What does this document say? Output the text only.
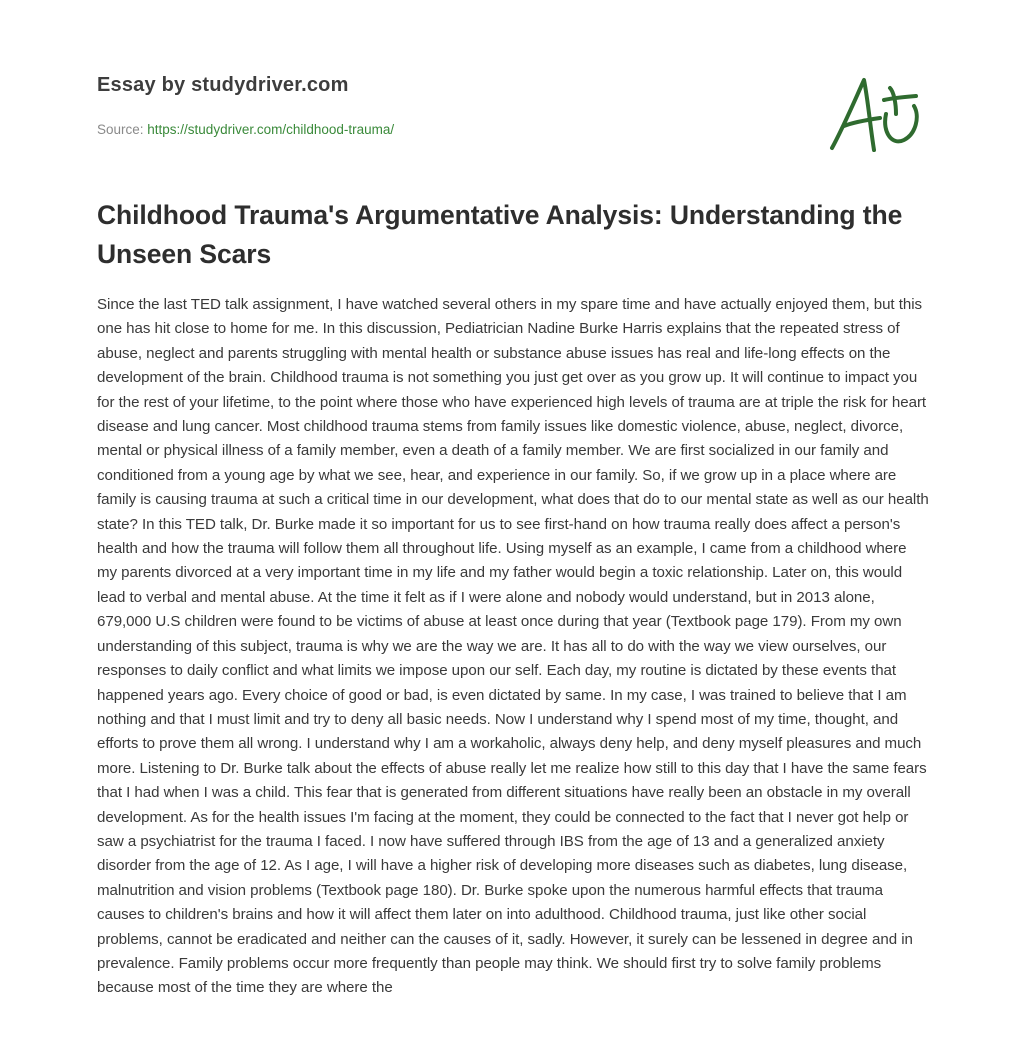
Essay by studydriver.com
Source: https://studydriver.com/childhood-trauma/
Childhood Trauma's Argumentative Analysis: Understanding the Unseen Scars

Since the last TED talk assignment, I have watched several others in my spare time and have actually enjoyed them, but this one has hit close to home for me. In this discussion, Pediatrician Nadine Burke Harris explains that the repeated stress of abuse, neglect and parents struggling with mental health or substance abuse issues has real and life-long effects on the development of the brain. Childhood trauma is not something you just get over as you grow up. It will continue to impact you for the rest of your lifetime, to the point where those who have experienced high levels of trauma are at triple the risk for heart disease and lung cancer. Most childhood trauma stems from family issues like domestic violence, abuse, neglect, divorce, mental or physical illness of a family member, even a death of a family member. We are first socialized in our family and conditioned from a young age by what we see, hear, and experience in our family. So, if we grow up in a place where are family is causing trauma at such a critical time in our development, what does that do to our mental state as well as our health state? In this TED talk, Dr. Burke made it so important for us to see first-hand on how trauma really does affect a person's health and how the trauma will follow them all throughout life. Using myself as an example, I came from a childhood where my parents divorced at a very important time in my life and my father would begin a toxic relationship. Later on, this would lead to verbal and mental abuse. At the time it felt as if I were alone and nobody would understand, but in 2013 alone, 679,000 U.S children were found to be victims of abuse at least once during that year (Textbook page 179). From my own understanding of this subject, trauma is why we are the way we are. It has all to do with the way we view ourselves, our responses to daily conflict and what limits we impose upon our self. Each day, my routine is dictated by these events that happened years ago. Every choice of good or bad, is even dictated by same. In my case, I was trained to believe that I am nothing and that I must limit and try to deny all basic needs. Now I understand why I spend most of my time, thought, and efforts to prove them all wrong. I understand why I am a workaholic, always deny help, and deny myself pleasures and much more. Listening to Dr. Burke talk about the effects of abuse really let me realize how still to this day that I have the same fears that I had when I was a child. This fear that is generated from different situations have really been an obstacle in my overall development. As for the health issues I'm facing at the moment, they could be connected to the fact that I never got help or saw a psychiatrist for the trauma I faced. I now have suffered through IBS from the age of 13 and a generalized anxiety disorder from the age of 12. As I age, I will have a higher risk of developing more diseases such as diabetes, lung disease, malnutrition and vision problems (Textbook page 180). Dr. Burke spoke upon the numerous harmful effects that trauma causes to children's brains and how it will affect them later on into adulthood. Childhood trauma, just like other social problems, cannot be eradicated and neither can the causes of it, sadly. However, it surely can be lessened in degree and in prevalence. Family problems occur more frequently than people may think. We should first try to solve family problems because most of the time they are where the
